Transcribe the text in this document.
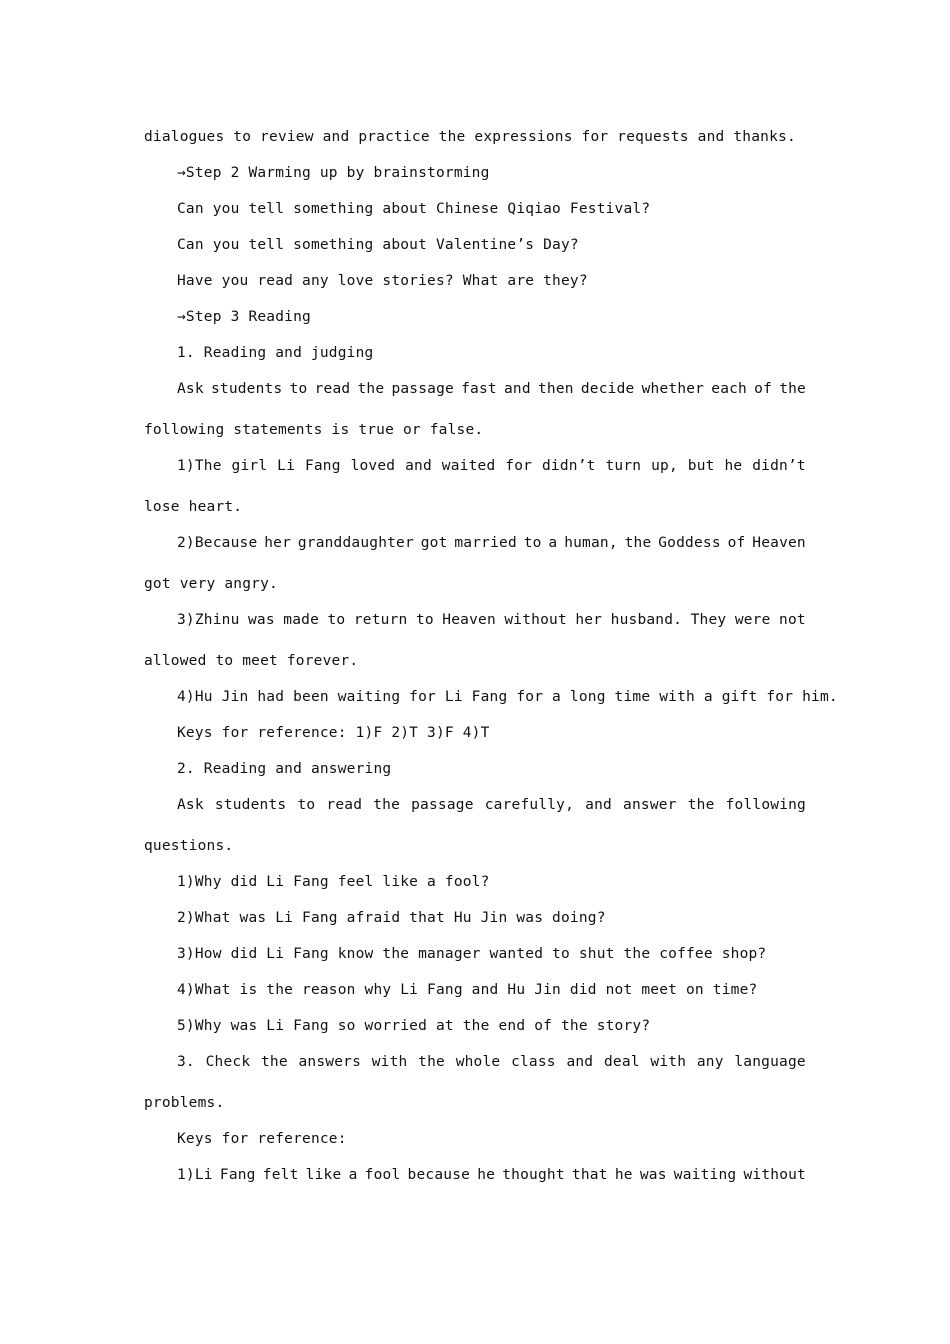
dialogues to review and practice the expressions for requests and thanks.
→Step 2 Warming up by brainstorming
Can you tell something about Chinese Qiqiao Festival?
Can you tell something about Valentine’s Day?
Have you read any love stories? What are they?
→Step 3 Reading
1. Reading and judging
Ask students to read the passage fast and then decide whether each of the
following statements is true or false.
1)The girl Li Fang loved and waited for didn’t turn up, but he didn’t
lose heart.
2)Because her granddaughter got married to a human, the Goddess of Heaven
got very angry.
3)Zhinu was made to return to Heaven without her husband. They were not
allowed to meet forever.
4)Hu Jin had been waiting for Li Fang for a long time with a gift for him.
Keys for reference: 1)F 2)T 3)F 4)T
2. Reading and answering
Ask students to read the passage carefully, and answer the following
questions.
1)Why did Li Fang feel like a fool?
2)What was Li Fang afraid that Hu Jin was doing?
3)How did Li Fang know the manager wanted to shut the coffee shop?
4)What is the reason why Li Fang and Hu Jin did not meet on time?
5)Why was Li Fang so worried at the end of the story?
3. Check the answers with the whole class and deal with any language
problems.
Keys for reference:
1)Li Fang felt like a fool because he thought that he was waiting without
